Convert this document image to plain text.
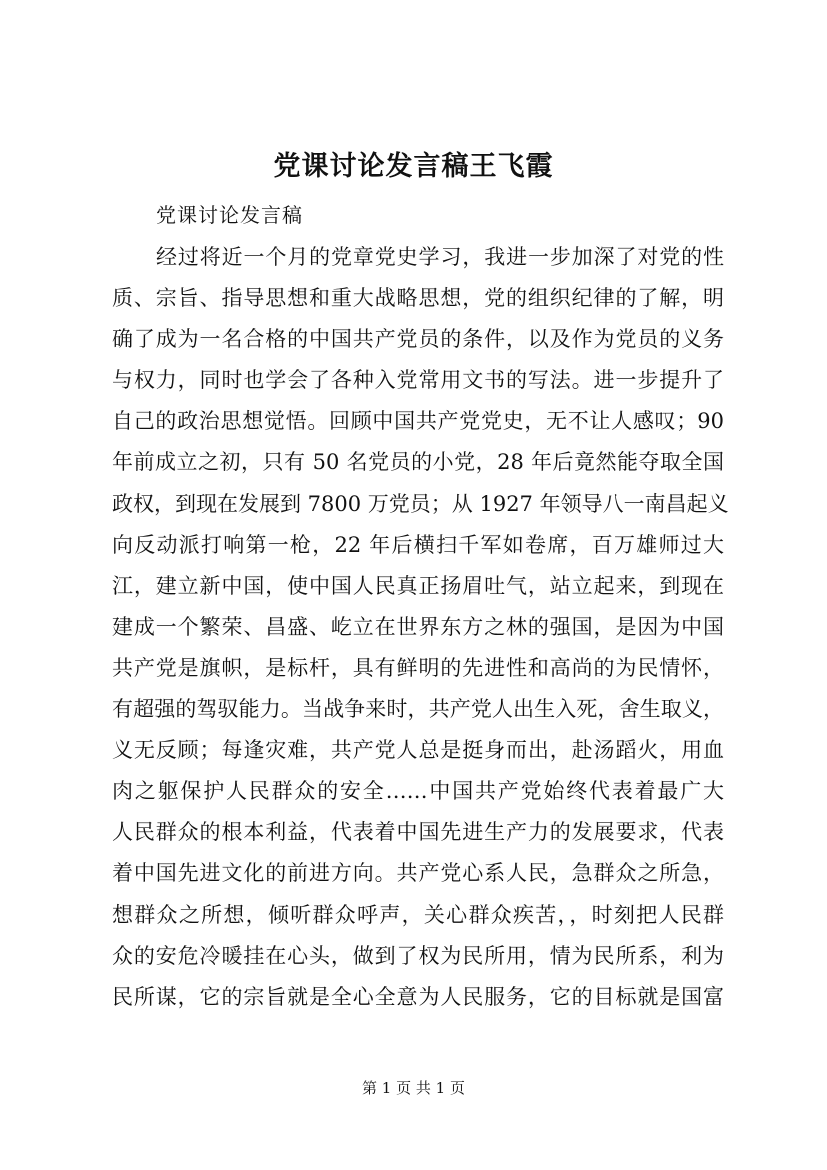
党课讨论发言稿王飞霞
党课讨论发言稿
经过将近一个月的党章党史学习，我进一步加深了对党的性
质、宗旨、指导思想和重大战略思想，党的组织纪律的了解，明
确了成为一名合格的中国共产党员的条件，以及作为党员的义务
与权力，同时也学会了各种入党常用文书的写法。进一步提升了
自己的政治思想觉悟。回顾中国共产党党史，无不让人感叹；90
年前成立之初，只有 50 名党员的小党，28 年后竟然能夺取全国
政权，到现在发展到 7800 万党员；从 1927 年领导八一南昌起义
向反动派打响第一枪，22 年后横扫千军如卷席，百万雄师过大
江，建立新中国，使中国人民真正扬眉吐气，站立起来，到现在
建成一个繁荣、昌盛、屹立在世界东方之林的强国，是因为中国
共产党是旗帜，是标杆，具有鲜明的先进性和高尚的为民情怀，
有超强的驾驭能力。当战争来时，共产党人出生入死，舍生取义，
义无反顾；每逢灾难，共产党人总是挺身而出，赴汤蹈火，用血
肉之躯保护人民群众的安全……中国共产党始终代表着最广大
人民群众的根本利益，代表着中国先进生产力的发展要求，代表
着中国先进文化的前进方向。共产党心系人民，急群众之所急，
想群众之所想，倾听群众呼声，关心群众疾苦，，时刻把人民群
众的安危冷暖挂在心头，做到了权为民所用，情为民所系，利为
民所谋，它的宗旨就是全心全意为人民服务，它的目标就是国富
第 1 页 共 1 页
